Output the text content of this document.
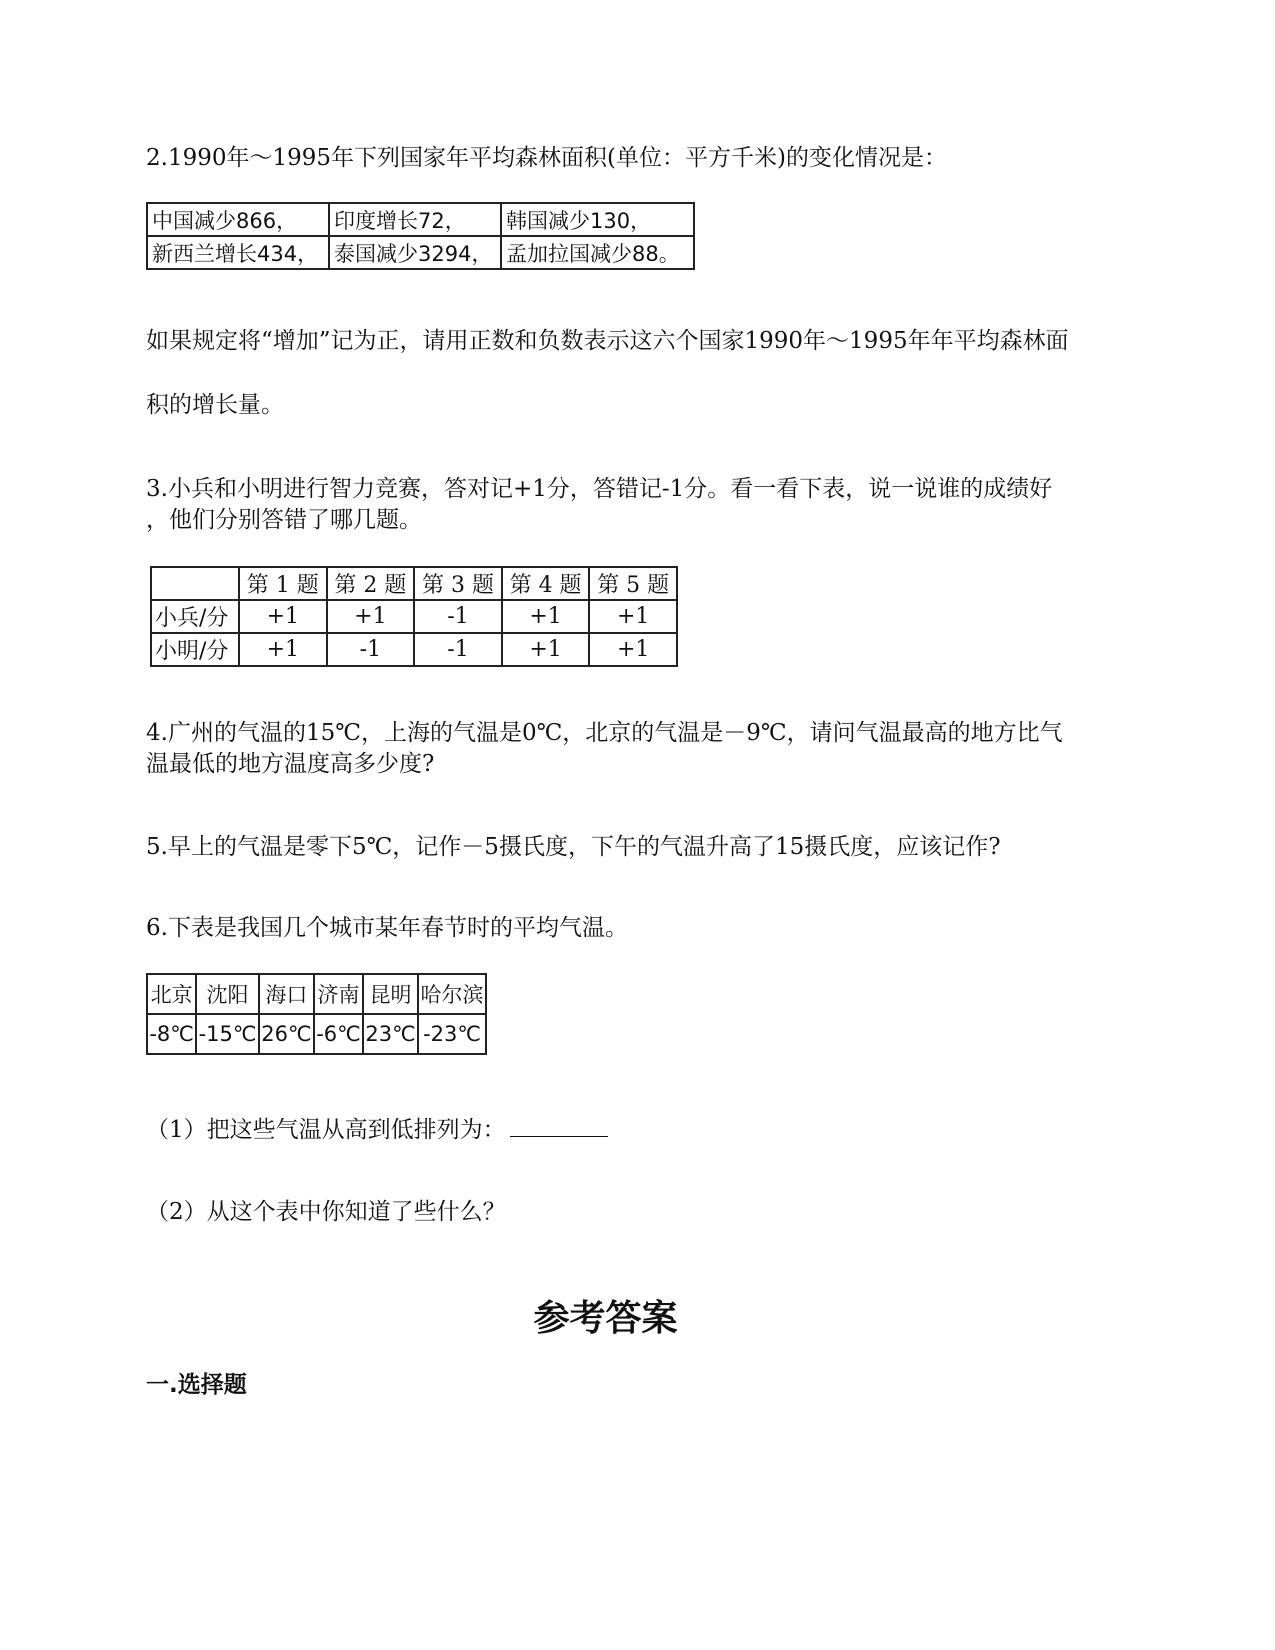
2.1990年～1995年下列国家年平均森林面积(单位：平方千米)的变化情况是：
中国减少866，	印度增长72，	韩国减少130，
新西兰增长434，	泰国减少3294，	孟加拉国减少88。
如果规定将“增加”记为正，请用正数和负数表示这六个国家1990年～1995年年平均森林面
积的增长量。
3.小兵和小明进行智力竞赛，答对记+1分，答错记-1分。看一看下表，说一说谁的成绩好
，他们分别答错了哪几题。
	第 1 题	第 2 题	第 3 题	第 4 题	第 5 题
小兵/分	+1	+1	-1	+1	+1
小明/分	+1	-1	-1	+1	+1
4.广州的气温的15℃，上海的气温是0℃，北京的气温是－9℃，请问气温最高的地方比气
温最低的地方温度高多少度?
5.早上的气温是零下5℃，记作－5摄氏度，下午的气温升高了15摄氏度，应该记作?
6.下表是我国几个城市某年春节时的平均气温。
北京	沈阳	海口	济南	昆明	哈尔滨
-8℃	-15℃	26℃	-6℃	23℃	-23℃
（1）把这些气温从高到低排列为：
（2）从这个表中你知道了些什么？
参考答案
一.选择题
